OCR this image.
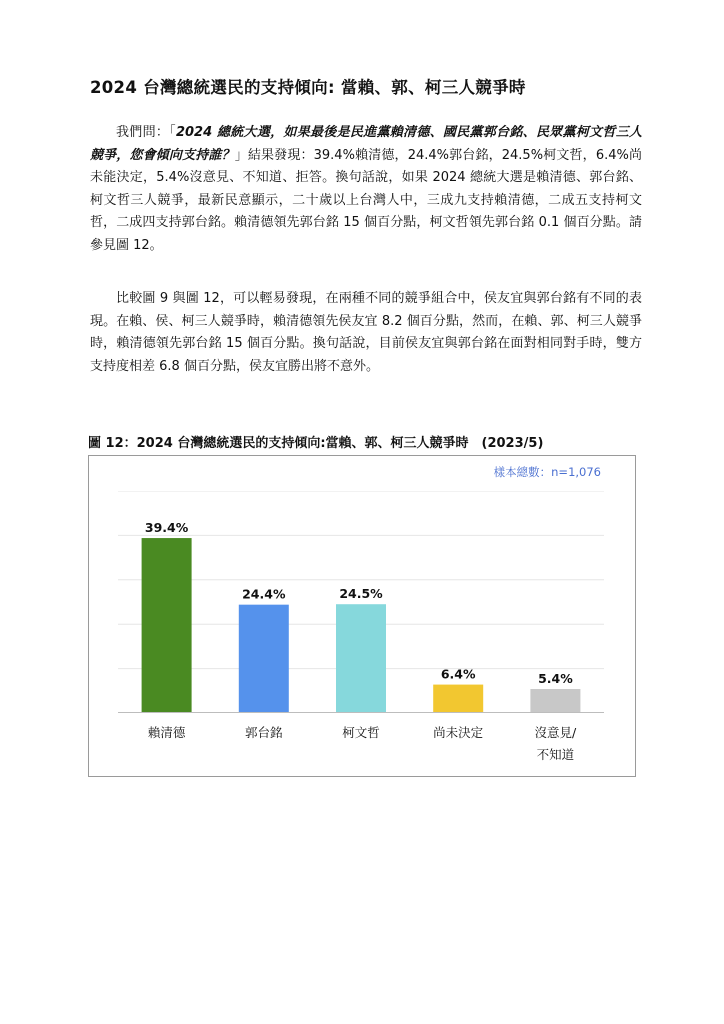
2024 台灣總統選民的支持傾向: 當賴、郭、柯三人競爭時

我們問：「2024 總統大選，如果最後是民進黨賴清德、國民黨郭台銘、民眾黨柯文哲三人競爭，您會傾向支持誰？」結果發現：39.4%賴清德，24.4%郭台銘，24.5%柯文哲，6.4%尚未能決定，5.4%沒意見、不知道、拒答。換句話說，如果 2024 總統大選是賴清德、郭台銘、柯文哲三人競爭，最新民意顯示，二十歲以上台灣人中，三成九支持賴清德，二成五支持柯文哲，二成四支持郭台銘。賴清德領先郭台銘 15 個百分點，柯文哲領先郭台銘 0.1 個百分點。請參見圖 12。

比較圖 9 與圖 12，可以輕易發現，在兩種不同的競爭組合中，侯友宜與郭台銘有不同的表現。在賴、侯、柯三人競爭時，賴清德領先侯友宜 8.2 個百分點，然而，在賴、郭、柯三人競爭時，賴清德領先郭台銘 15 個百分點。換句話說，目前侯友宜與郭台銘在面對相同對手時，雙方支持度相差 6.8 個百分點，侯友宜勝出將不意外。

圖 12：2024 台灣總統選民的支持傾向:當賴、郭、柯三人競爭時　(2023/5)
樣本總數：n=1,076
39.4%
24.4%	24.5%
6.4%	5.4%
賴清德	郭台銘	柯文哲	尚未決定	沒意見/
不知道
